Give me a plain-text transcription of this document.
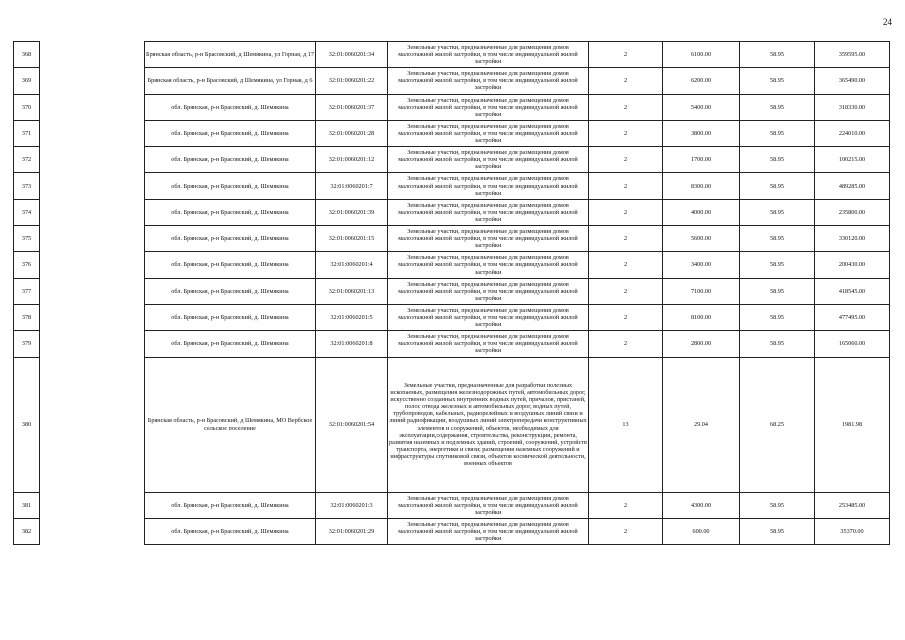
24
368		Брянская область, р-н Брасовский, д Шемякина, ул Горная, д 17	32:01:0060201:34	Земельные участки, предназначенные для размещения домов малоэтажной жилой застройки, в том числе индивидуальной жилой застройки	2	6100.00	58.95	359595.00
369		Брянская область, р-н Брасовский, д Шемякина, ул Горная, д 6	32:01:0060201:22	Земельные участки, предназначенные для размещения домов малоэтажной жилой застройки, в том числе индивидуальной жилой застройки	2	6200.00	58.95	365490.00
370		обл. Брянская, р-н Брасовский, д. Шемякина	32:01:0060201:37	Земельные участки, предназначенные для размещения домов малоэтажной жилой застройки, в том числе индивидуальной жилой застройки	2	5400.00	58.95	318330.00
371		обл. Брянская, р-н Брасовский, д. Шемякина	32:01:0060201:28	Земельные участки, предназначенные для размещения домов малоэтажной жилой застройки, в том числе индивидуальной жилой застройки	2	3800.00	58.95	224010.00
372		обл. Брянская, р-н Брасовский, д. Шемякина	32:01:0060201:12	Земельные участки, предназначенные для размещения домов малоэтажной жилой застройки, в том числе индивидуальной жилой застройки	2	1700.00	58.95	100215.00
373		обл. Брянская, р-н Брасовский, д. Шемякина	32:01:0060201:7	Земельные участки, предназначенные для размещения домов малоэтажной жилой застройки, в том числе индивидуальной жилой застройки	2	8300.00	58.95	489285.00
374		обл. Брянская, р-н Брасовский, д. Шемякина	32:01:0060201:39	Земельные участки, предназначенные для размещения домов малоэтажной жилой застройки, в том числе индивидуальной жилой застройки	2	4000.00	58.95	235800.00
375		обл. Брянская, р-н Брасовский, д. Шемякина	32:01:0060201:15	Земельные участки, предназначенные для размещения домов малоэтажной жилой застройки, в том числе индивидуальной жилой застройки	2	5600.00	58.95	330120.00
376		обл. Брянская, р-н Брасовский, д. Шемякина	32:01:0060201:4	Земельные участки, предназначенные для размещения домов малоэтажной жилой застройки, в том числе индивидуальной жилой застройки	2	3400.00	58.95	200430.00
377		обл. Брянская, р-н Брасовский, д. Шемякина	32:01:0060201:13	Земельные участки, предназначенные для размещения домов малоэтажной жилой застройки, в том числе индивидуальной жилой застройки	2	7100.00	58.95	418545.00
378		обл. Брянская, р-н Брасовский, д. Шемякина	32:01:0060201:5	Земельные участки, предназначенные для размещения домов малоэтажной жилой застройки, в том числе индивидуальной жилой застройки	2	8100.00	58.95	477495.00
379		обл. Брянская, р-н Брасовский, д. Шемякина	32:01:0060201:8	Земельные участки, предназначенные для размещения домов малоэтажной жилой застройки, в том числе индивидуальной жилой застройки	2	2800.00	58.95	165060.00
380		Брянская область, р-н Брасовский, д Шемякина, МО Вербское сельское поселение	32:01:0060201:54	Земельные участки, предназначенные для разработки полезных ископаемых, размещения железнодорожных путей, автомобильных дорог, искусственно созданных внутренних водных путей, причалов, пристаней, полос отвода железных и автомобильных дорог, водных путей, трубопроводов, кабельных, радиорелейных и воздушных линий связи и линий радиофикации, воздушных линий электропередачи конструктивных элементов и сооружений, объектов, необходимых для эксплуатации,содержания, строительства, реконструкции, ремонта, развития наземных и подземных зданий, строений, сооружений, устройств транспорта, энергетики и связи; размещения наземных сооружений и инфраструктуры спутниковой связи, объектов космической деятельности, военных объектов	13	29.04	68.25	1981.98
381		обл. Брянская, р-н Брасовский, д. Шемякина	32:01:0060201:3	Земельные участки, предназначенные для размещения домов малоэтажной жилой застройки, в том числе индивидуальной жилой застройки	2	4300.00	58.95	253485.00
382		обл. Брянская, р-н Брасовский, д. Шемякина	32:01:0060201:29	Земельные участки, предназначенные для размещения домов малоэтажной жилой застройки, в том числе индивидуальной жилой застройки	2	600.00	58.95	35370.00
